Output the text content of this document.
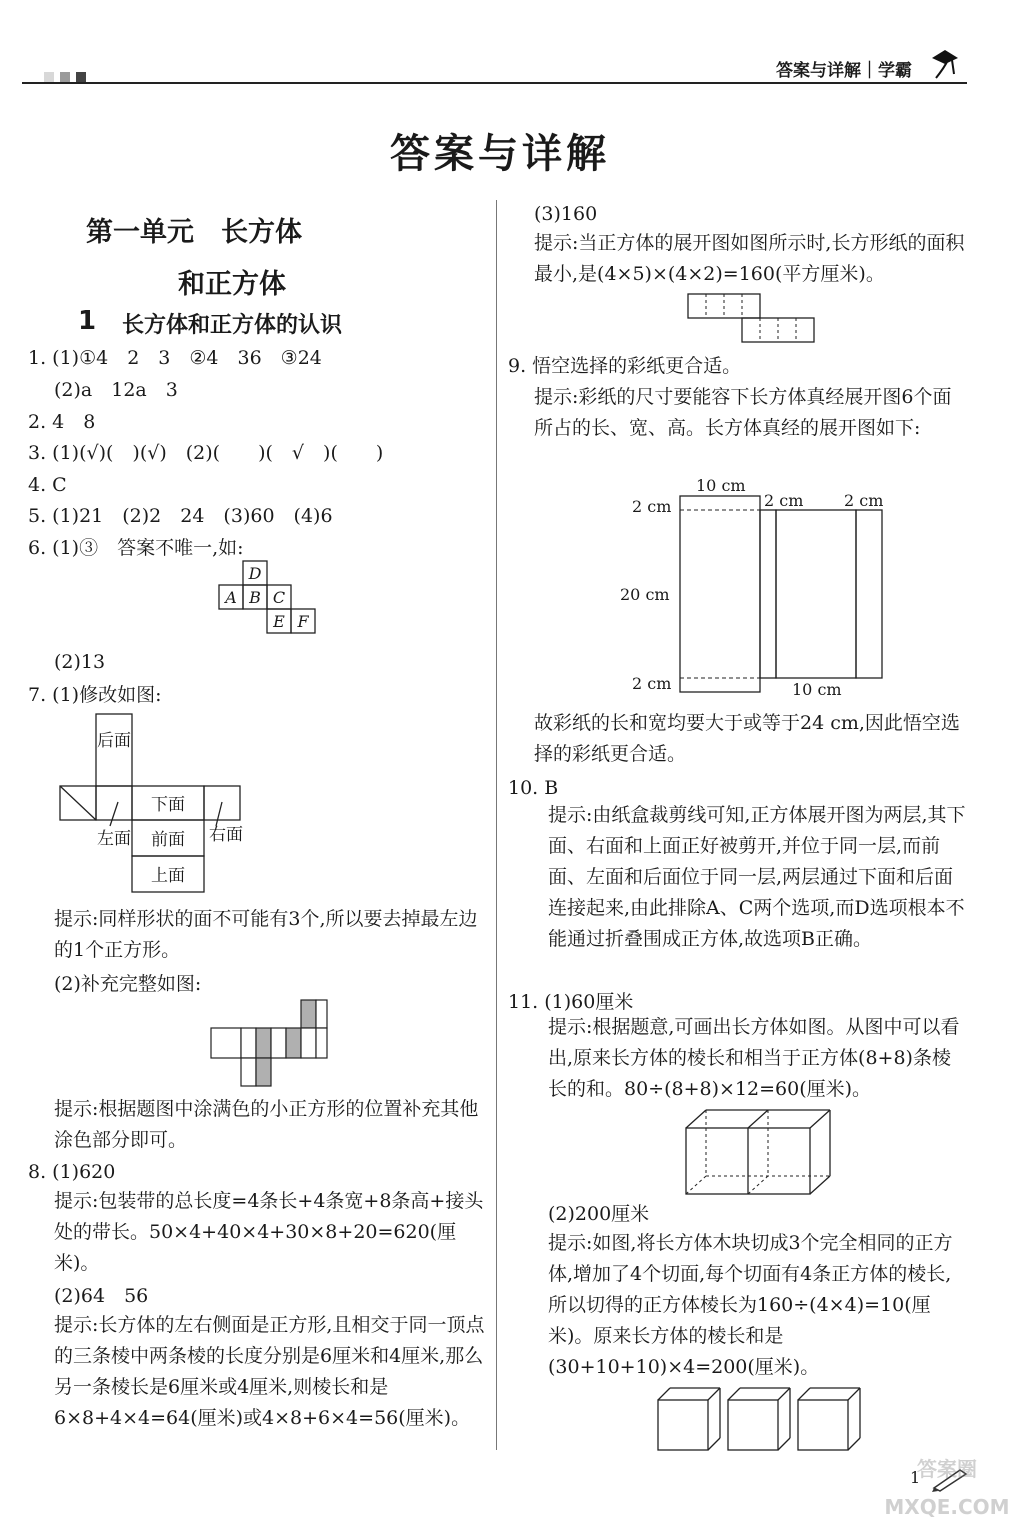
答案与详解｜学霸
答案与详解
第一单元　长方体
和正方体
1 长方体和正方体的认识
1. (1)①4　2　3　②4　36　③24
(2)a　12a　3
2. 4　8
3. (1)(√)(　)(√)　(2)(　　)(　√　)(　　)
4. C
5. (1)21　(2)2　24　(3)60　(4)6
6. (1)③　答案不唯一,如:
D
A B C
E F
(2)13
7. (1)修改如图:
后面
下面
左面 前面 右面
上面
提示:同样形状的面不可能有3个,所以要去掉最左边的1个正方形。
(2)补充完整如图:
提示:根据题图中涂满色的小正方形的位置补充其他涂色部分即可。
8. (1)620
提示:包装带的总长度=4条长+4条宽+8条高+接头处的带长。50×4+40×4+30×8+20=620(厘米)。
(2)64　56
提示:长方体的左右侧面是正方形,且相交于同一顶点的三条棱中两条棱的长度分别是6厘米和4厘米,那么另一条棱长是6厘米或4厘米,则棱长和是6×8+4×4=64(厘米)或4×8+6×4=56(厘米)。
(3)160
提示:当正方体的展开图如图所示时,长方形纸的面积最小,是(4×5)×(4×2)=160(平方厘米)。
9. 悟空选择的彩纸更合适。
提示:彩纸的尺寸要能容下长方体真经展开图6个面所占的长、宽、高。长方体真经的展开图如下:
10 cm
2 cm	2 cm
2 cm
20 cm
2 cm	10 cm
故彩纸的长和宽均要大于或等于24 cm,因此悟空选择的彩纸更合适。
10. B
提示:由纸盒裁剪线可知,正方体展开图为两层,其下面、右面和上面正好被剪开,并位于同一层,而前面、左面和后面位于同一层,两层通过下面和后面连接起来,由此排除A、C两个选项,而D选项根本不能通过折叠围成正方体,故选项B正确。
11. (1)60厘米
提示:根据题意,可画出长方体如图。从图中可以看出,原来长方体的棱长和相当于正方体(8+8)条棱长的和。80÷(8+8)×12=60(厘米)。
(2)200厘米
提示:如图,将长方体木块切成3个完全相同的正方体,增加了4个切面,每个切面有4条正方体的棱长,所以切得的正方体棱长为160÷(4×4)=10(厘米)。原来长方体的棱长和是(30+10+10)×4=200(厘米)。
1
答案圈 MXQE.COM
